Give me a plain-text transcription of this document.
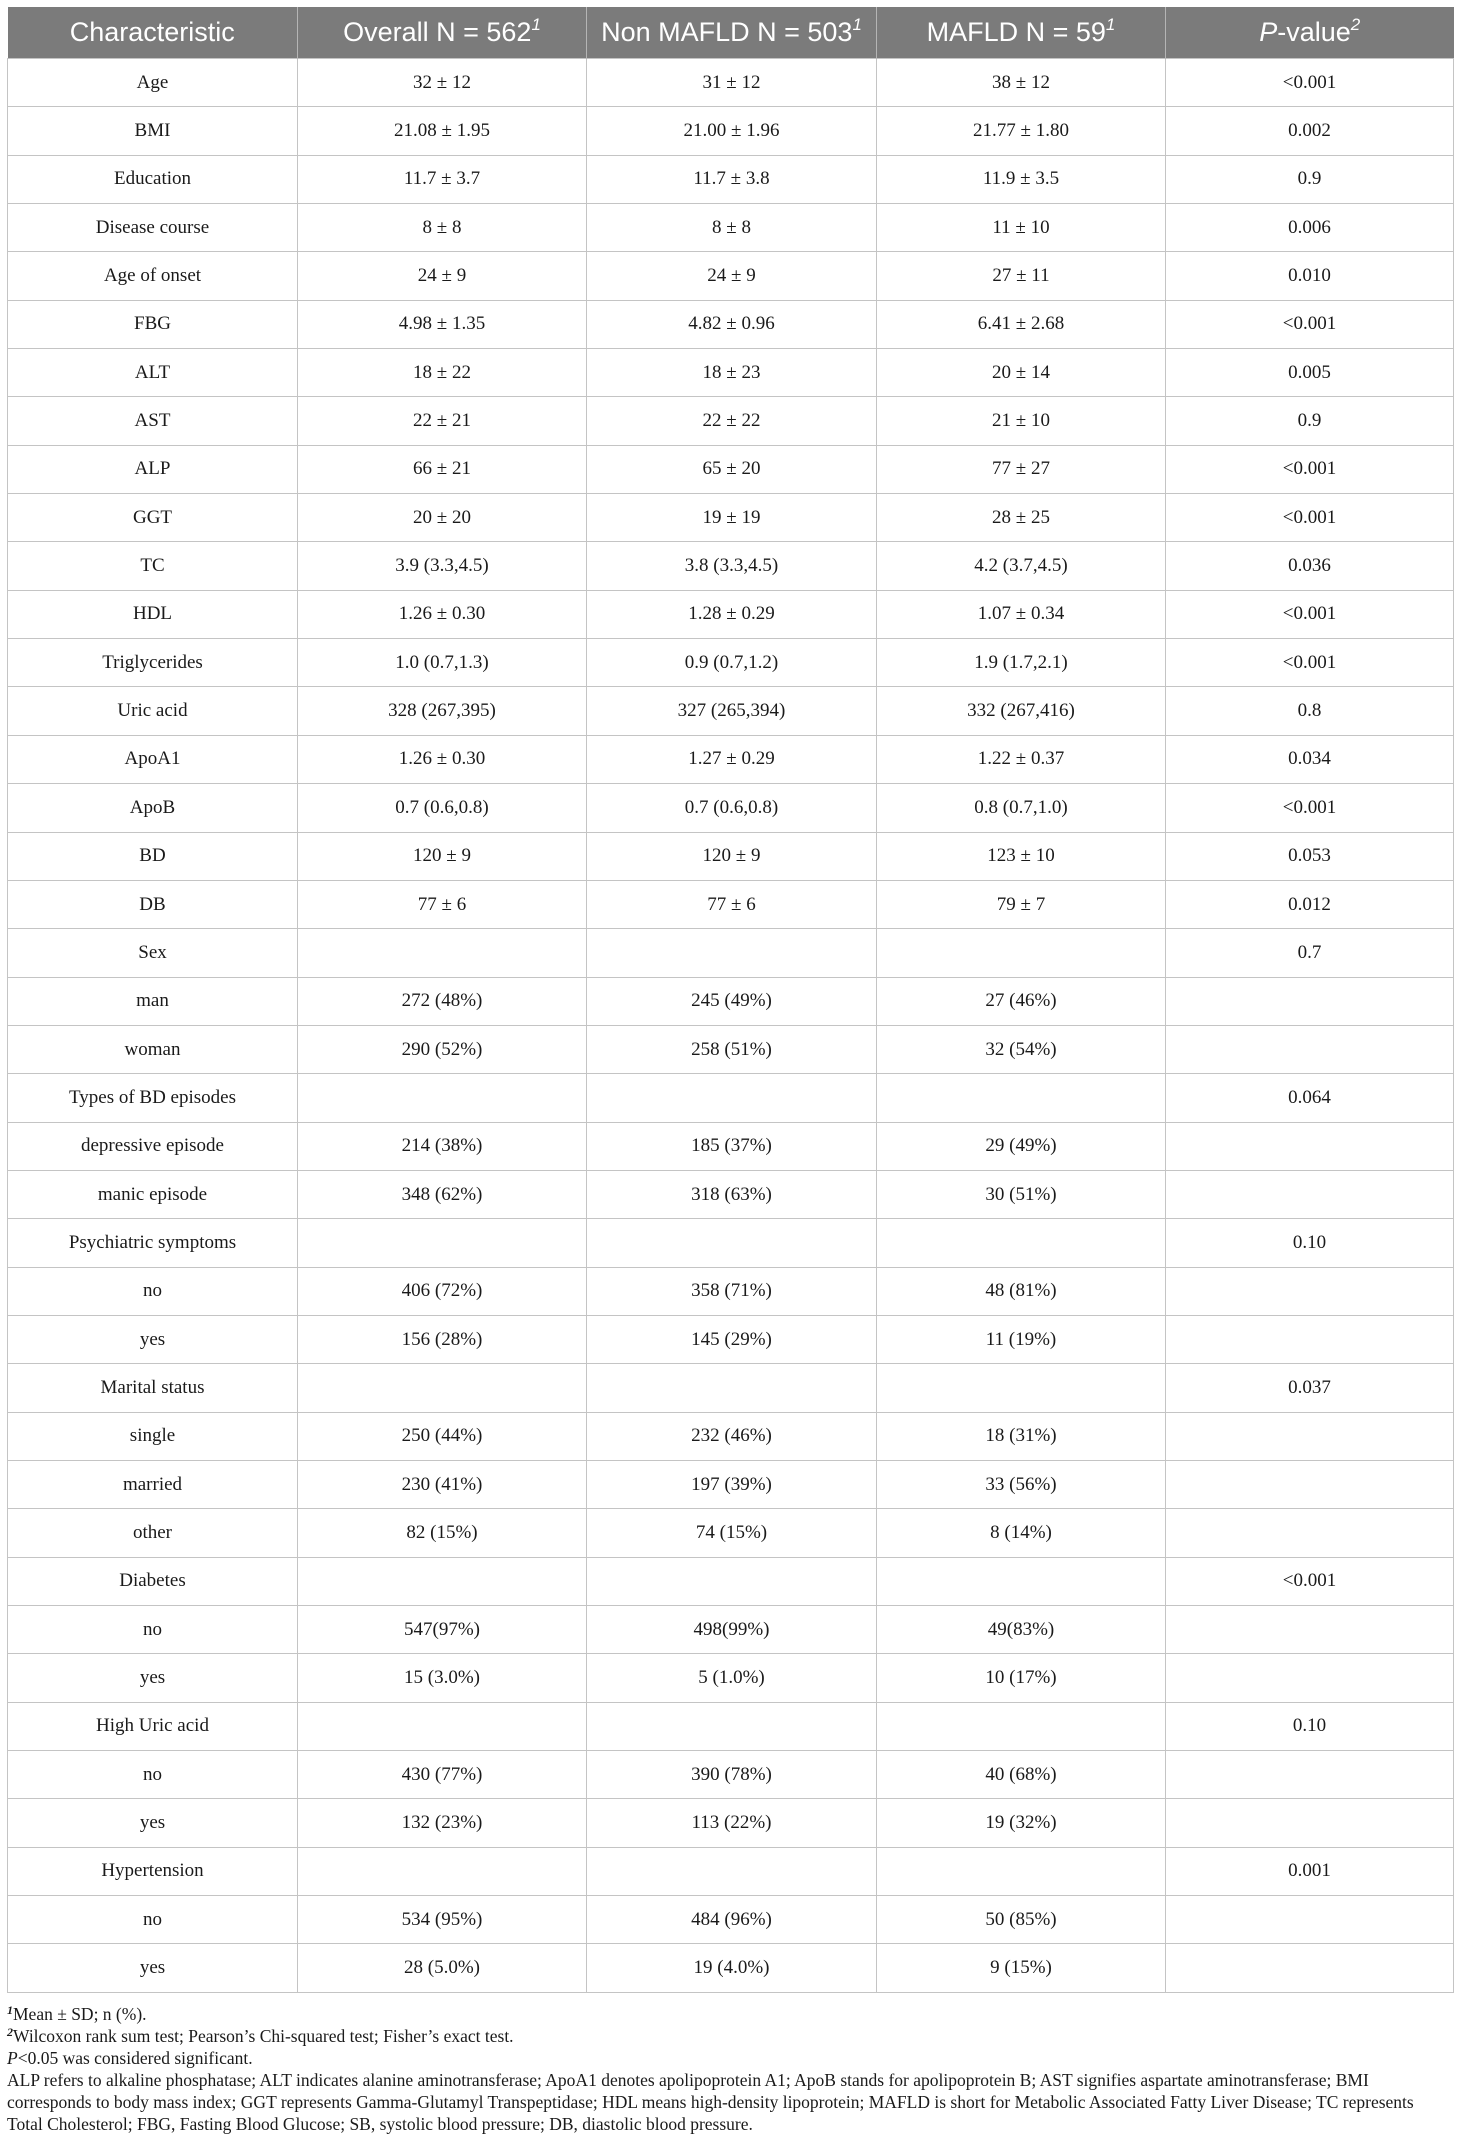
Characteristic	Overall $N = 562^1$	Non MAFLD $N = 503^1$	MAFLD $N = 59^1$	P-value$^2$
Age	32 ± 12	31 ± 12	38 ± 12	<0.001
BMI	21.08 ± 1.95	21.00 ± 1.96	21.77 ± 1.80	0.002
Education	11.7 ± 3.7	11.7 ± 3.8	11.9 ± 3.5	0.9
Disease course	8 ± 8	8 ± 8	11 ± 10	0.006
Age of onset	24 ± 9	24 ± 9	27 ± 11	0.010
FBG	4.98 ± 1.35	4.82 ± 0.96	6.41 ± 2.68	<0.001
ALT	18 ± 22	18 ± 23	20 ± 14	0.005
AST	22 ± 21	22 ± 22	21 ± 10	0.9
ALP	66 ± 21	65 ± 20	77 ± 27	<0.001
GGT	20 ± 20	19 ± 19	28 ± 25	<0.001
TC	3.9 (3.3,4.5)	3.8 (3.3,4.5)	4.2 (3.7,4.5)	0.036
HDL	1.26 ± 0.30	1.28 ± 0.29	1.07 ± 0.34	<0.001
Triglycerides	1.0 (0.7,1.3)	0.9 (0.7,1.2)	1.9 (1.7,2.1)	<0.001
Uric acid	328 (267,395)	327 (265,394)	332 (267,416)	0.8
ApoA1	1.26 ± 0.30	1.27 ± 0.29	1.22 ± 0.37	0.034
ApoB	0.7 (0.6,0.8)	0.7 (0.6,0.8)	0.8 (0.7,1.0)	<0.001
BD	120 ± 9	120 ± 9	123 ± 10	0.053
DB	77 ± 6	77 ± 6	79 ± 7	0.012
Sex				0.7
man	272 (48%)	245 (49%)	27 (46%)	
woman	290 (52%)	258 (51%)	32 (54%)	
Types of BD episodes				0.064
depressive episode	214 (38%)	185 (37%)	29 (49%)	
manic episode	348 (62%)	318 (63%)	30 (51%)	
Psychiatric symptoms				0.10
no	406 (72%)	358 (71%)	48 (81%)	
yes	156 (28%)	145 (29%)	11 (19%)	
Marital status				0.037
single	250 (44%)	232 (46%)	18 (31%)	
married	230 (41%)	197 (39%)	33 (56%)	
other	82 (15%)	74 (15%)	8 (14%)	
Diabetes				<0.001
no	547(97%)	498(99%)	49(83%)	
yes	15 (3.0%)	5 (1.0%)	10 (17%)	
High Uric acid				0.10
no	430 (77%)	390 (78%)	40 (68%)	
yes	132 (23%)	113 (22%)	19 (32%)	
Hypertension				0.001
no	534 (95%)	484 (96%)	50 (85%)	
yes	28 (5.0%)	19 (4.0%)	9 (15%)	
$^1$Mean ± SD; n (%).
$^2$Wilcoxon rank sum test; Pearson’s Chi-squared test; Fisher’s exact test.
P<0.05 was considered significant.
ALP refers to alkaline phosphatase; ALT indicates alanine aminotransferase; ApoA1 denotes apolipoprotein A1; ApoB stands for apolipoprotein B; AST signifies aspartate aminotransferase; BMI corresponds to body mass index; GGT represents Gamma-Glutamyl Transpeptidase; HDL means high-density lipoprotein; MAFLD is short for Metabolic Associated Fatty Liver Disease; TC represents Total Cholesterol; FBG, Fasting Blood Glucose; SB, systolic blood pressure; DB, diastolic blood pressure.
